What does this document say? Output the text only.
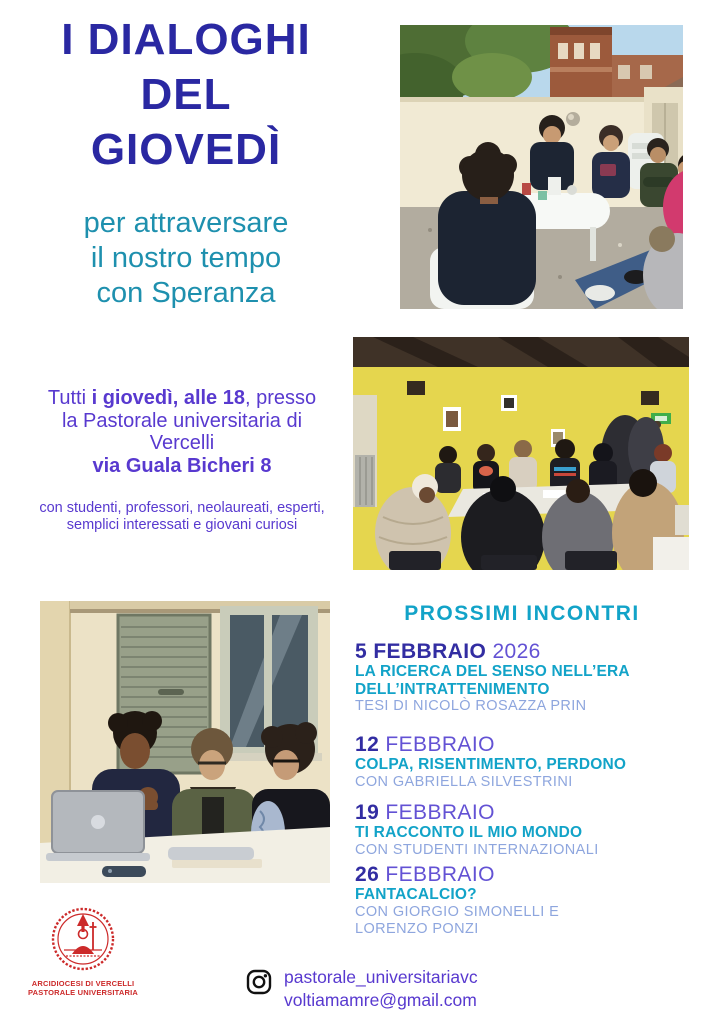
I DIALOGHI
DEL
GIOVEDÌ
per attraversare
il nostro tempo
con Speranza
Tutti i giovedì, alle 18, presso
la Pastorale universitaria di
Vercelli
via Guala Bicheri 8
con studenti, professori, neolaureati, esperti,
semplici interessati e giovani curiosi
PROSSIMI INCONTRI
5 FEBBRAIO 2026
LA RICERCA DEL SENSO NELL’ERA
DELL’INTRATTENIMENTO
TESI DI NICOLÒ ROSAZZA PRIN
12 FEBBRAIO
COLPA, RISENTIMENTO, PERDONO
CON GABRIELLA SILVESTRINI
19 FEBBRAIO
TI RACCONTO IL MIO MONDO
CON STUDENTI INTERNAZIONALI
26 FEBBRAIO
FANTACALCIO?
CON GIORGIO SIMONELLI E
LORENZO PONZI
ARCIDIOCESI DI VERCELLI
PASTORALE UNIVERSITARIA
pastorale_universitariavc
voltiamamre@gmail.com
